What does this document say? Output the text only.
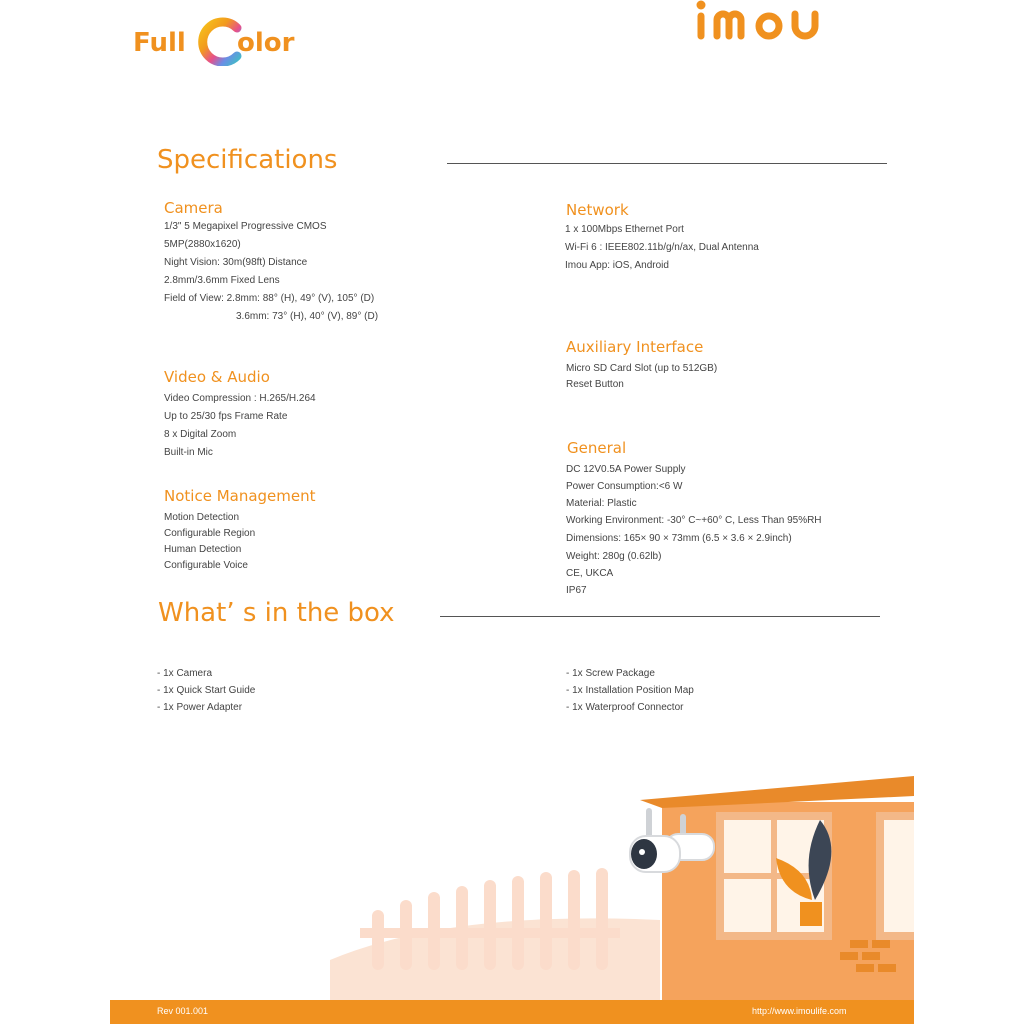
Full olor
Specifications
Camera
1/3" 5 Megapixel Progressive CMOS
5MP(2880x1620)
Night Vision: 30m(98ft) Distance
2.8mm/3.6mm Fixed Lens
Field of View: 2.8mm: 88° (H), 49° (V), 105° (D)
3.6mm: 73° (H), 40° (V), 89° (D)
Video & Audio
Video Compression : H.265/H.264
Up to 25/30 fps Frame Rate
8 x Digital Zoom
Built-in Mic
Notice Management
Motion Detection
Configurable Region
Human Detection
Configurable Voice
Network
1 x 100Mbps Ethernet Port
Wi-Fi 6 : IEEE802.11b/g/n/ax, Dual Antenna
Imou App: iOS, Android
Auxiliary Interface
Micro SD Card Slot (up to 512GB)
Reset Button
General
DC 12V0.5A Power Supply
Power Consumption:<6 W
Material: Plastic
Working Environment: -30° C~+60° C, Less Than 95%RH
Dimensions: 165× 90 × 73mm (6.5 × 3.6 × 2.9inch)
Weight: 280g (0.62lb)
CE, UKCA
IP67
What’ s in the box
- 1x Camera
- 1x Quick Start Guide
- 1x Power Adapter
- 1x Screw Package
- 1x Installation Position Map
- 1x Waterproof Connector
Rev 001.001	http://www.imoulife.com
